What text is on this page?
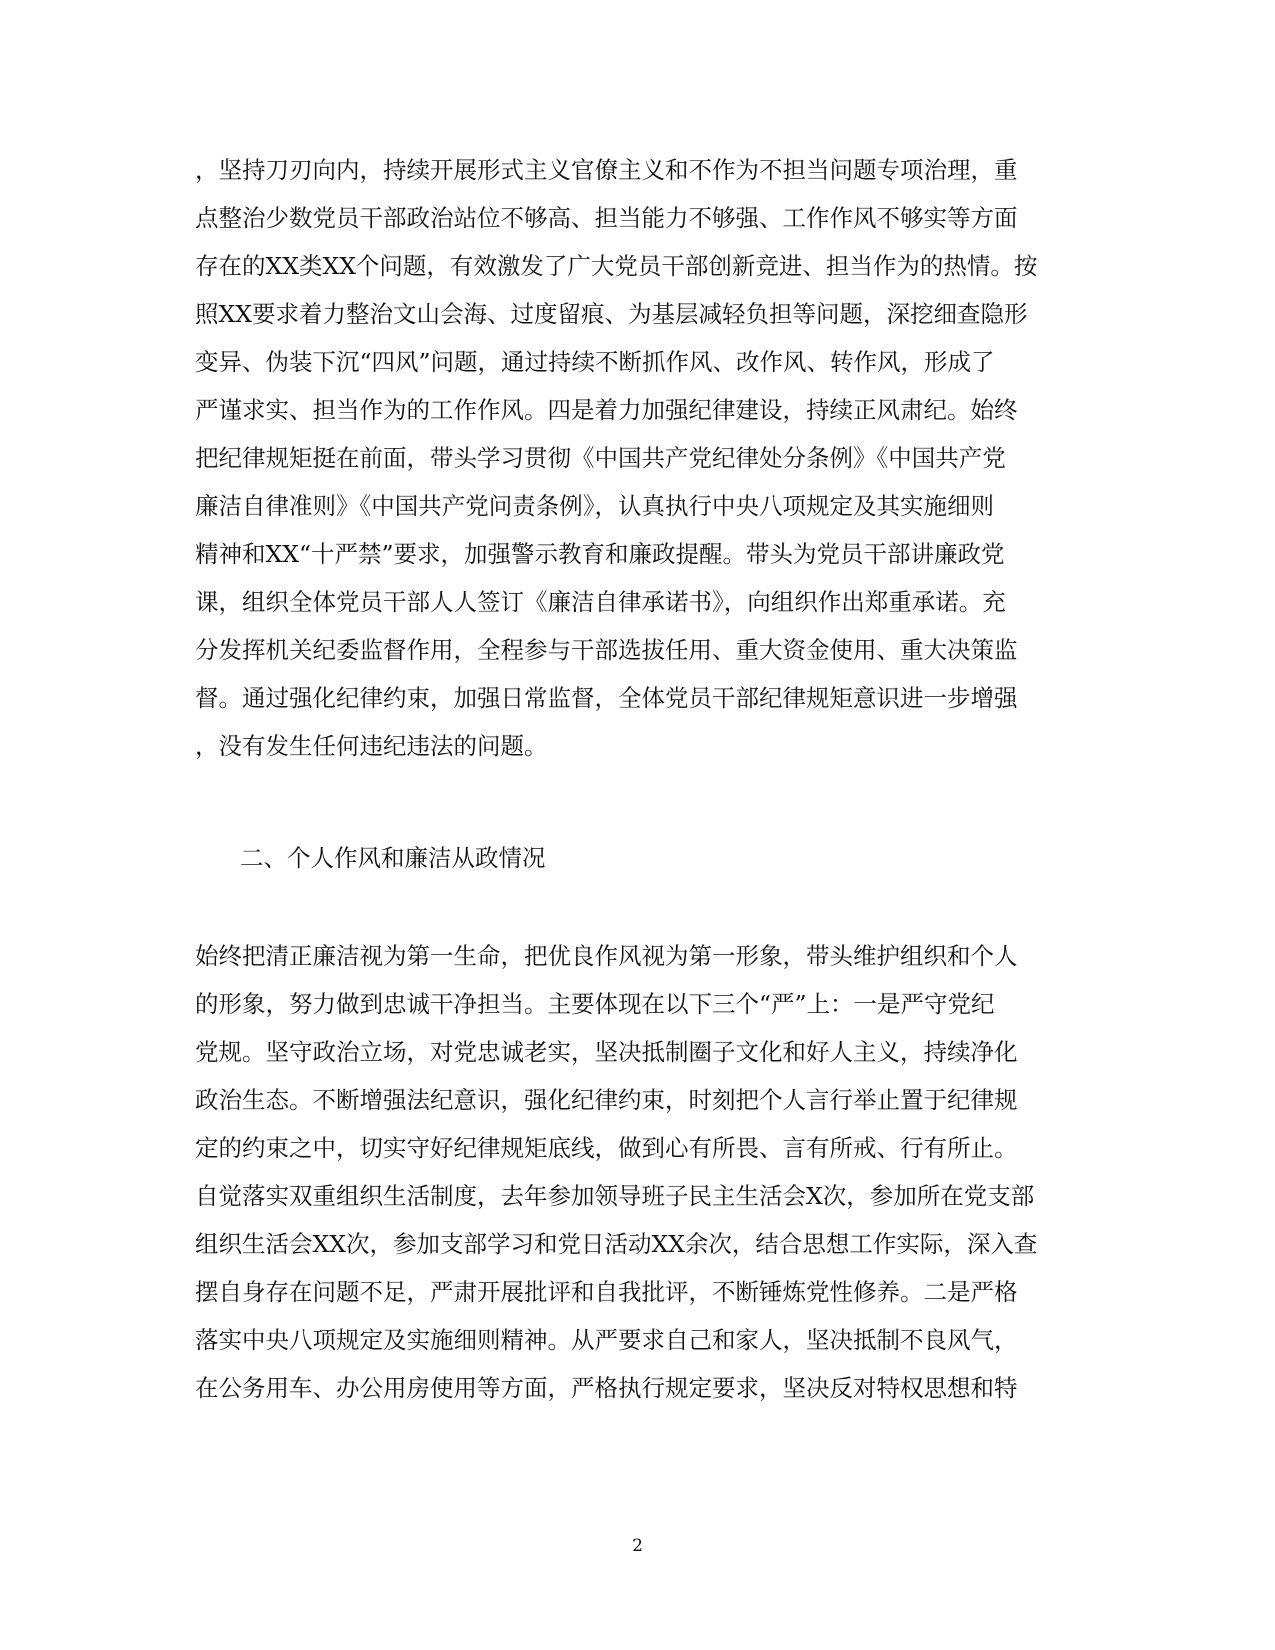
，坚持刀刃向内，持续开展形式主义官僚主义和不作为不担当问题专项治理，重
点整治少数党员干部政治站位不够高、担当能力不够强、工作作风不够实等方面
存在的XX类XX个问题，有效激发了广大党员干部创新竞进、担当作为的热情。按
照XX要求着力整治文山会海、过度留痕、为基层减轻负担等问题，深挖细查隐形
变异、伪装下沉“四风”问题，通过持续不断抓作风、改作风、转作风，形成了
严谨求实、担当作为的工作作风。四是着力加强纪律建设，持续正风肃纪。始终
把纪律规矩挺在前面，带头学习贯彻《中国共产党纪律处分条例》《中国共产党
廉洁自律准则》《中国共产党问责条例》，认真执行中央八项规定及其实施细则
精神和XX“十严禁”要求，加强警示教育和廉政提醒。带头为党员干部讲廉政党
课，组织全体党员干部人人签订《廉洁自律承诺书》，向组织作出郑重承诺。充
分发挥机关纪委监督作用，全程参与干部选拔任用、重大资金使用、重大决策监
督。通过强化纪律约束，加强日常监督，全体党员干部纪律规矩意识进一步增强
，没有发生任何违纪违法的问题。
二、个人作风和廉洁从政情况
始终把清正廉洁视为第一生命，把优良作风视为第一形象，带头维护组织和个人
的形象，努力做到忠诚干净担当。主要体现在以下三个“严”上：一是严守党纪
党规。坚守政治立场，对党忠诚老实，坚决抵制圈子文化和好人主义，持续净化
政治生态。不断增强法纪意识，强化纪律约束，时刻把个人言行举止置于纪律规
定的约束之中，切实守好纪律规矩底线，做到心有所畏、言有所戒、行有所止。
自觉落实双重组织生活制度，去年参加领导班子民主生活会X次，参加所在党支部
组织生活会XX次，参加支部学习和党日活动XX余次，结合思想工作实际，深入查
摆自身存在问题不足，严肃开展批评和自我批评，不断锤炼党性修养。二是严格
落实中央八项规定及实施细则精神。从严要求自己和家人，坚决抵制不良风气，
在公务用车、办公用房使用等方面，严格执行规定要求，坚决反对特权思想和特
2
